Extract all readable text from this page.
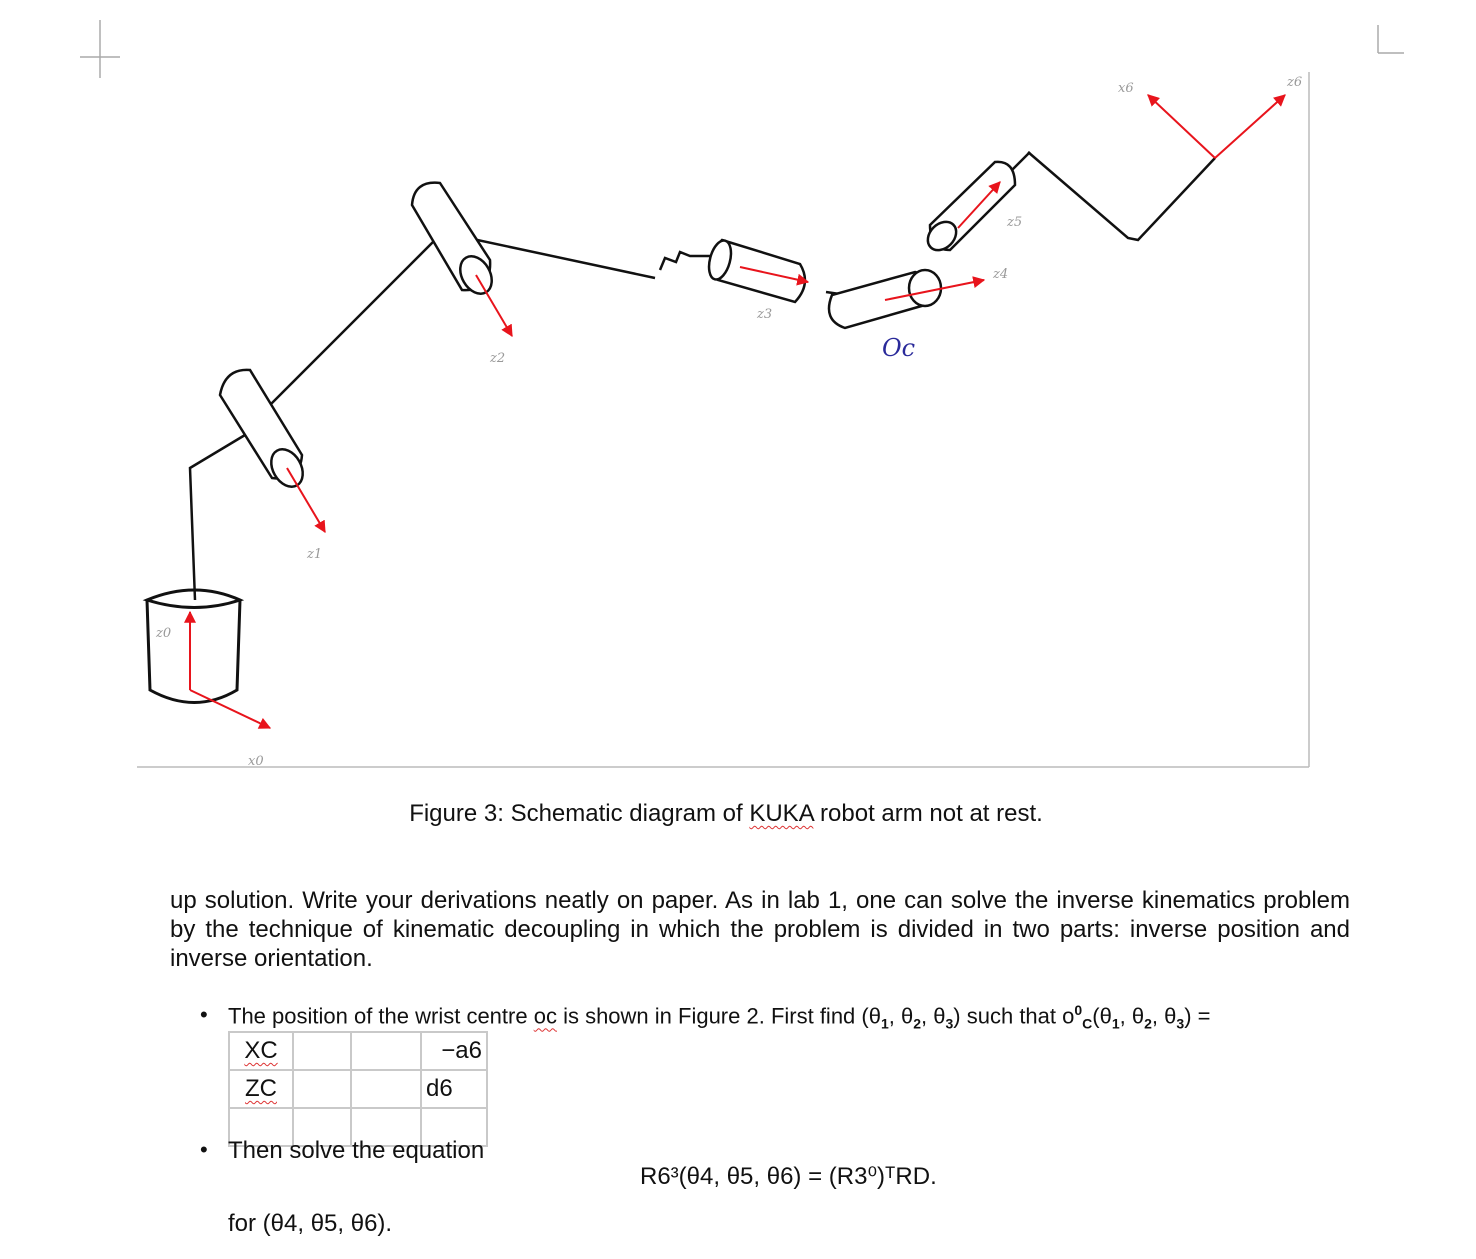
z0
x0
z1
z2
z3
z4
z5
x6	z6
Oc
Figure 3: Schematic diagram of KUKA robot arm not at rest.
up solution. Write your derivations neatly on paper. As in lab 1, one can solve the inverse kinematics problem by the technique of kinematic decoupling in which the problem is divided in two parts: inverse position and inverse orientation.
• The position of the wrist centre oc is shown in Figure 2. First find ($\theta_1$, $\theta_2$, $\theta_3$) such that $o^0_C(\theta_1$, $\theta_2$, $\theta_3$) =
XC			−a6
ZC			d6

• Then solve the equation
R6³(θ4, θ5, θ6) = (R3⁰)ᵀRD.
for (θ4, θ5, θ6).
